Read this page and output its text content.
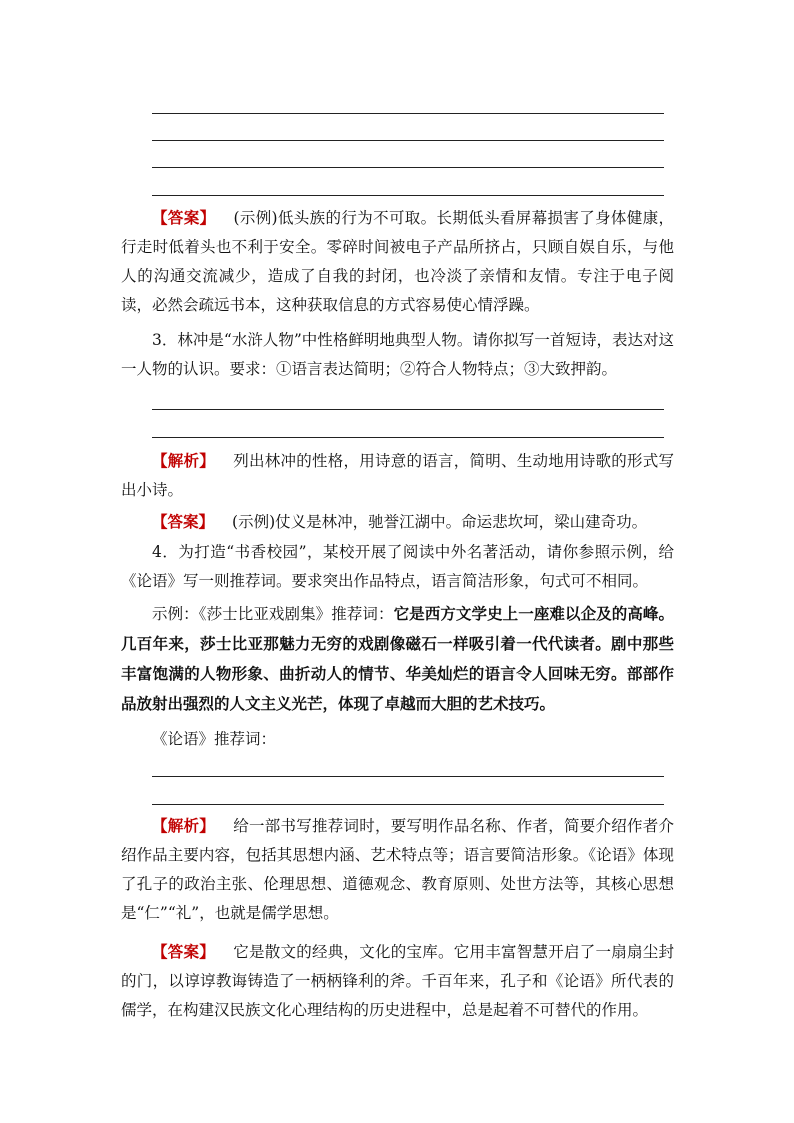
【答案】 (示例)低头族的行为不可取。长期低头看屏幕损害了身体健康，行走时低着头也不利于安全。零碎时间被电子产品所挤占，只顾自娱自乐，与他人的沟通交流减少，造成了自我的封闭，也冷淡了亲情和友情。专注于电子阅读，必然会疏远书本，这种获取信息的方式容易使心情浮躁。
3．林冲是“水浒人物”中性格鲜明地典型人物。请你拟写一首短诗，表达对这一人物的认识。要求：①语言表达简明；②符合人物特点；③大致押韵。
【解析】 列出林冲的性格，用诗意的语言，简明、生动地用诗歌的形式写出小诗。
【答案】 (示例)仗义是林冲，驰誉江湖中。命运悲坎坷，梁山建奇功。
4．为打造“书香校园”，某校开展了阅读中外名著活动，请你参照示例，给《论语》写一则推荐词。要求突出作品特点，语言简洁形象，句式可不相同。
示例：《莎士比亚戏剧集》推荐词：它是西方文学史上一座难以企及的高峰。几百年来，莎士比亚那魅力无穷的戏剧像磁石一样吸引着一代代读者。剧中那些丰富饱满的人物形象、曲折动人的情节、华美灿烂的语言令人回味无穷。部部作品放射出强烈的人文主义光芒，体现了卓越而大胆的艺术技巧。
《论语》推荐词：
【解析】 给一部书写推荐词时，要写明作品名称、作者，简要介绍作者介绍作品主要内容，包括其思想内涵、艺术特点等；语言要简洁形象。《论语》体现了孔子的政治主张、伦理思想、道德观念、教育原则、处世方法等，其核心思想是“仁”“礼”，也就是儒学思想。
【答案】 它是散文的经典，文化的宝库。它用丰富智慧开启了一扇扇尘封的门，以谆谆教诲铸造了一柄柄锋利的斧。千百年来，孔子和《论语》所代表的儒学，在构建汉民族文化心理结构的历史进程中，总是起着不可替代的作用。
